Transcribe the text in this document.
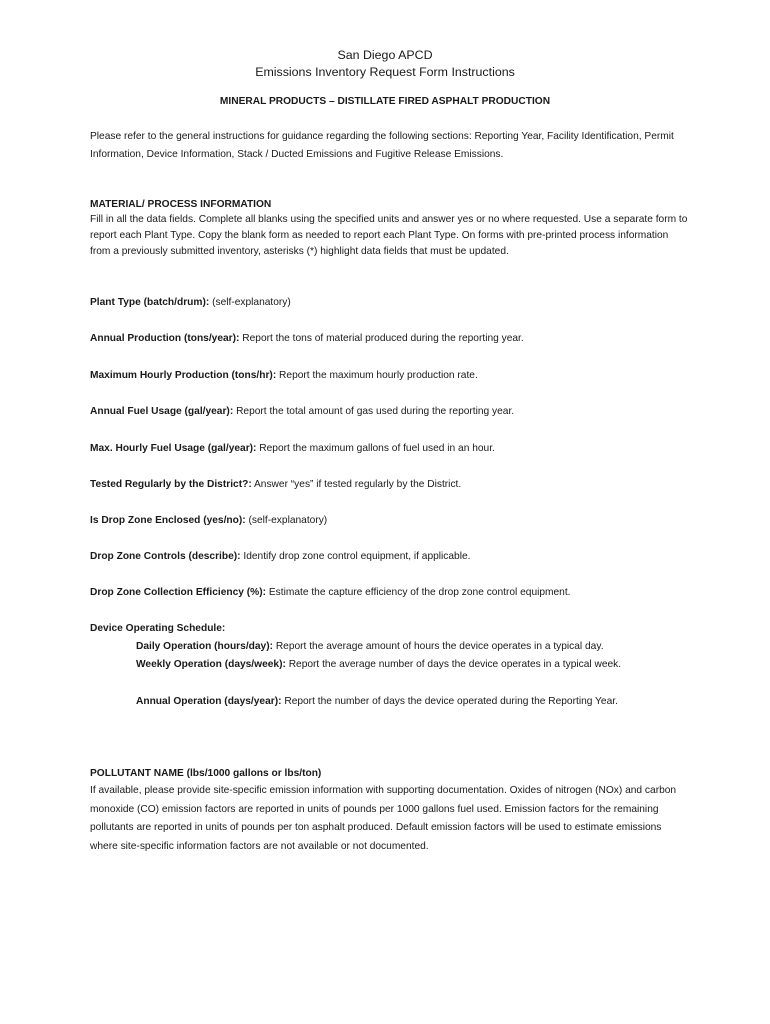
San Diego APCD
Emissions Inventory Request Form Instructions
MINERAL PRODUCTS – DISTILLATE FIRED ASPHALT PRODUCTION
Please refer to the general instructions for guidance regarding the following sections: Reporting Year, Facility Identification, Permit Information, Device Information, Stack / Ducted Emissions and Fugitive Release Emissions.
MATERIAL/ PROCESS INFORMATION
Fill in all the data fields. Complete all blanks using the specified units and answer yes or no where requested. Use a separate form to report each Plant Type. Copy the blank form as needed to report each Plant Type. On forms with pre-printed process information from a previously submitted inventory, asterisks (*) highlight data fields that must be updated.
Plant Type (batch/drum): (self-explanatory)
Annual Production (tons/year): Report the tons of material produced during the reporting year.
Maximum Hourly Production (tons/hr): Report the maximum hourly production rate.
Annual Fuel Usage (gal/year): Report the total amount of gas used during the reporting year.
Max. Hourly Fuel Usage (gal/year): Report the maximum gallons of fuel used in an hour.
Tested Regularly by the District?: Answer “yes” if tested regularly by the District.
Is Drop Zone Enclosed (yes/no): (self-explanatory)
Drop Zone Controls (describe): Identify drop zone control equipment, if applicable.
Drop Zone Collection Efficiency (%): Estimate the capture efficiency of the drop zone control equipment.
Device Operating Schedule:
Daily Operation (hours/day): Report the average amount of hours the device operates in a typical day.
Weekly Operation (days/week): Report the average number of days the device operates in a typical week.
Annual Operation (days/year): Report the number of days the device operated during the Reporting Year.
POLLUTANT NAME (lbs/1000 gallons or lbs/ton)
If available, please provide site-specific emission information with supporting documentation. Oxides of nitrogen (NOx) and carbon monoxide (CO) emission factors are reported in units of pounds per 1000 gallons fuel used. Emission factors for the remaining pollutants are reported in units of pounds per ton asphalt produced. Default emission factors will be used to estimate emissions where site-specific information factors are not available or not documented.
